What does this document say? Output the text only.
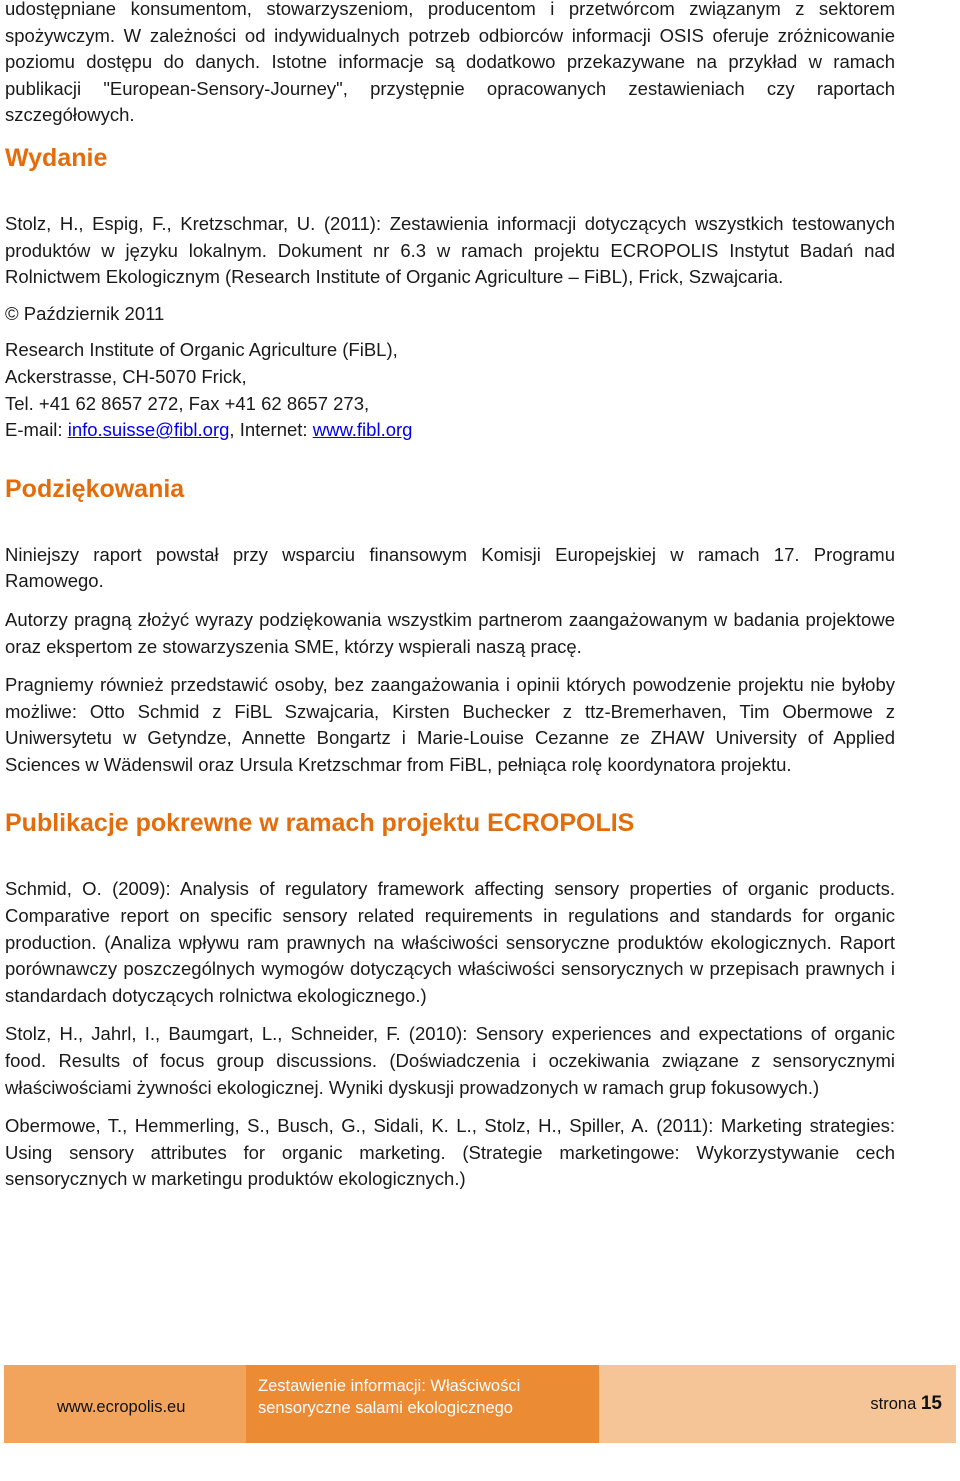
udostępniane konsumentom, stowarzyszeniom, producentom i przetwórcom związanym z sektorem spożywczym. W zależności od indywidualnych potrzeb odbiorców informacji OSIS oferuje zróżnicowanie poziomu dostępu do danych. Istotne informacje są dodatkowo przekazywane na przykład w ramach publikacji "European-Sensory-Journey", przystępnie opracowanych zestawieniach czy raportach szczegółowych.

Wydanie

Stolz, H., Espig, F., Kretzschmar, U. (2011): Zestawienia informacji dotyczących wszystkich testowanych produktów w języku lokalnym. Dokument nr 6.3 w ramach projektu ECROPOLIS Instytut Badań nad Rolnictwem Ekologicznym (Research Institute of Organic Agriculture – FiBL), Frick, Szwajcaria.

© Październik 2011

Research Institute of Organic Agriculture (FiBL),

Ackerstrasse, CH-5070 Frick,

Tel. +41 62 8657 272, Fax +41 62 8657 273,

E-mail: info.suisse@fibl.org, Internet: www.fibl.org

Podziękowania

Niniejszy raport powstał przy wsparciu finansowym Komisji Europejskiej w ramach 17. Programu Ramowego.

Autorzy pragną złożyć wyrazy podziękowania wszystkim partnerom zaangażowanym w badania projektowe oraz ekspertom ze stowarzyszenia SME, którzy wspierali naszą pracę.

Pragniemy również przedstawić osoby, bez zaangażowania i opinii których powodzenie projektu nie byłoby możliwe: Otto Schmid z FiBL Szwajcaria, Kirsten Buchecker z ttz-Bremerhaven, Tim Obermowe z Uniwersytetu w Getyndze, Annette Bongartz i Marie-Louise Cezanne ze ZHAW University of Applied Sciences w Wädenswil oraz Ursula Kretzschmar from FiBL, pełniąca rolę koordynatora projektu.

Publikacje pokrewne w ramach projektu ECROPOLIS

Schmid, O. (2009): Analysis of regulatory framework affecting sensory properties of organic products. Comparative report on specific sensory related requirements in regulations and standards for organic production. (Analiza wpływu ram prawnych na właściwości sensoryczne produktów ekologicznych. Raport porównawczy poszczególnych wymogów dotyczących właściwości sensorycznych w przepisach prawnych i standardach dotyczących rolnictwa ekologicznego.)

Stolz, H., Jahrl, I., Baumgart, L., Schneider, F. (2010): Sensory experiences and expectations of organic food. Results of focus group discussions. (Doświadczenia i oczekiwania związane z sensorycznymi właściwościami żywności ekologicznej. Wyniki dyskusji prowadzonych w ramach grup fokusowych.)

Obermowe, T., Hemmerling, S., Busch, G., Sidali, K. L., Stolz, H., Spiller, A. (2011): Marketing strategies: Using sensory attributes for organic marketing. (Strategie marketingowe: Wykorzystywanie cech sensorycznych w marketingu produktów ekologicznych.)

www.ecropolis.eu
Zestawienie informacji: Właściwości sensoryczne salami ekologicznego	strona 15
